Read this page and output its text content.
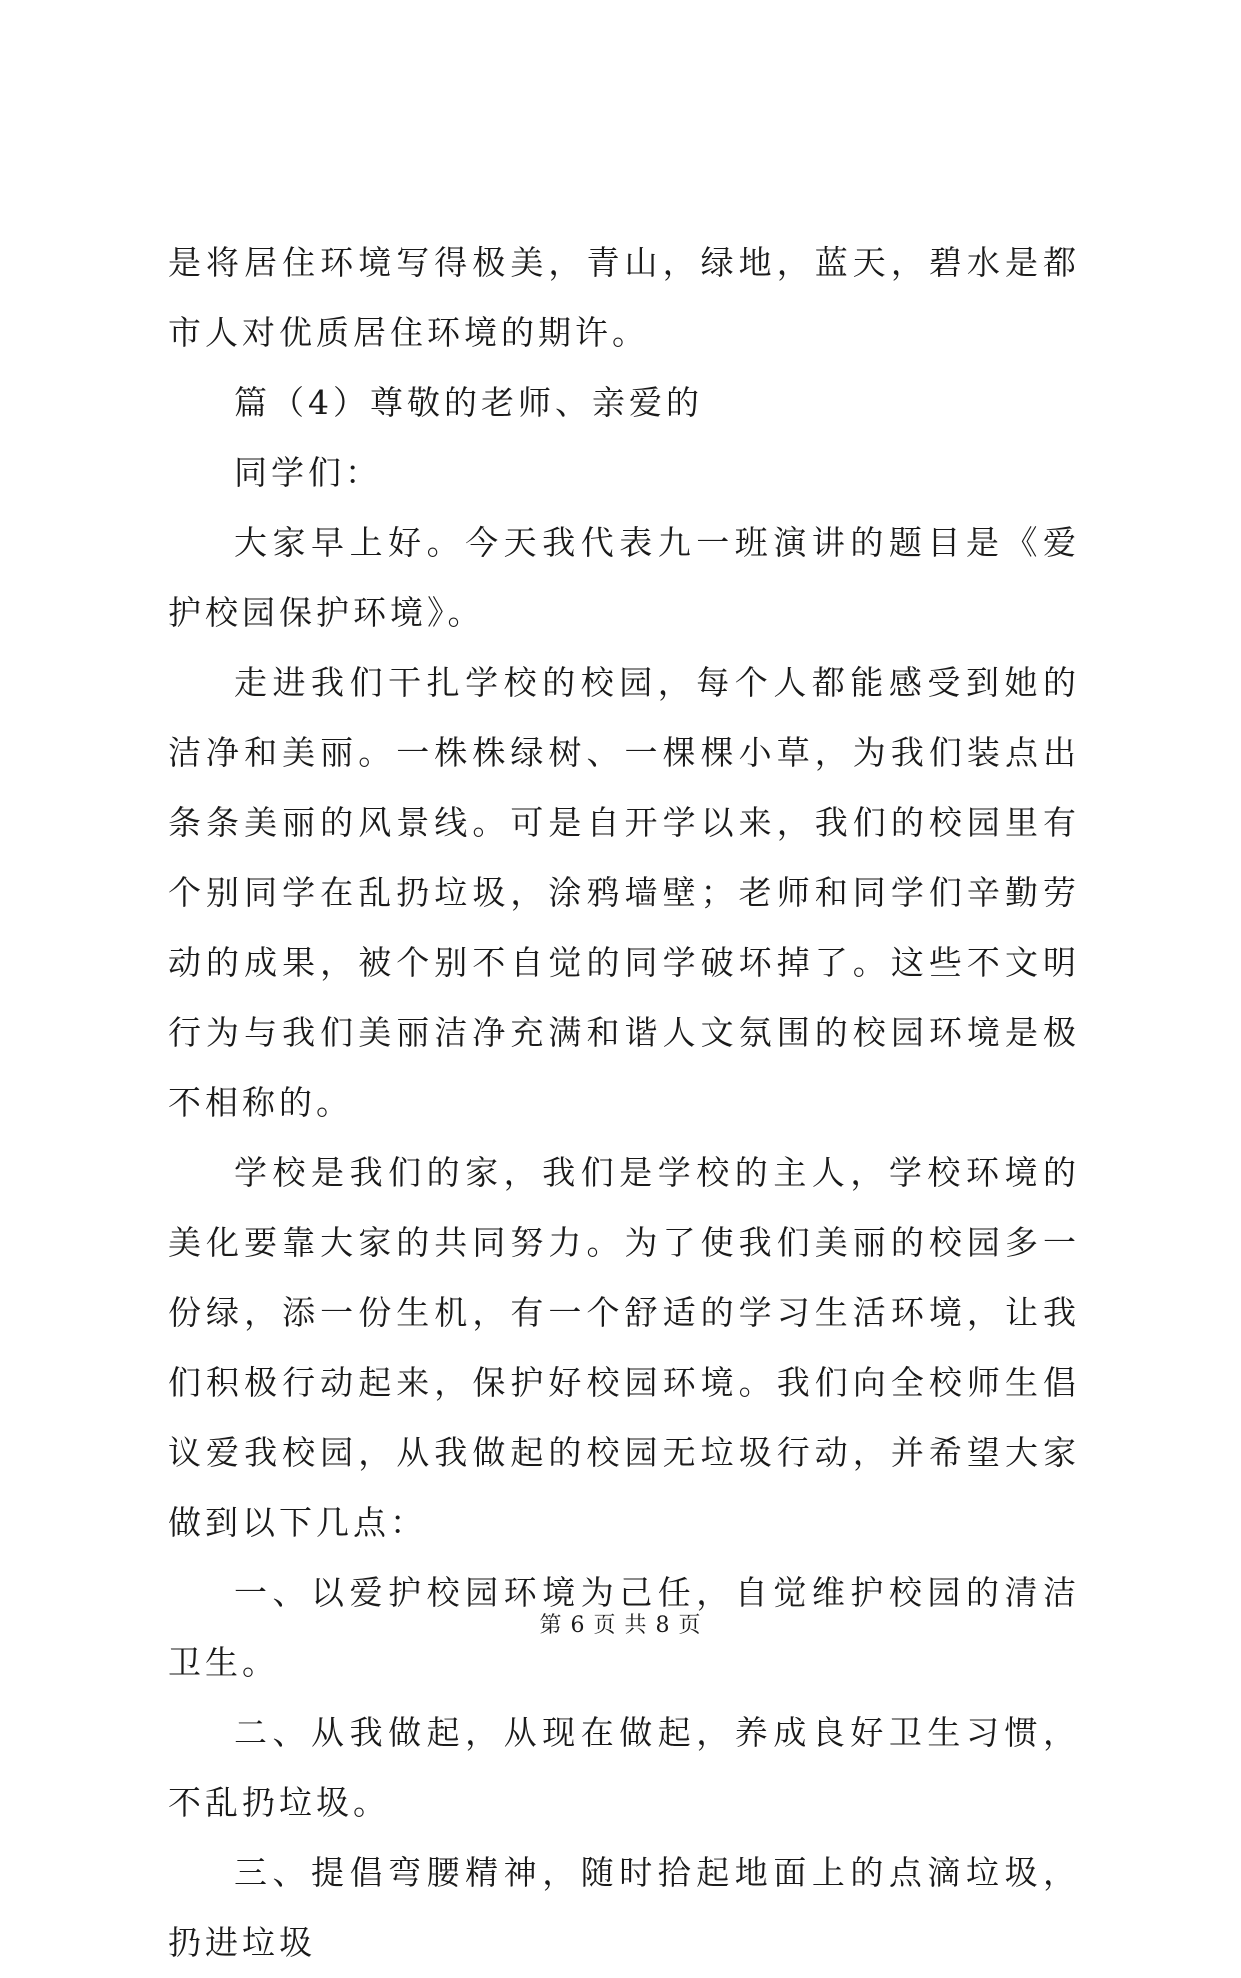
是将居住环境写得极美，青山，绿地，蓝天，碧水是都市人对优质居住环境的期许。

篇（4）尊敬的老师、亲爱的

同学们：

大家早上好。今天我代表九一班演讲的题目是《爱护校园保护环境》。

走进我们干扎学校的校园，每个人都能感受到她的洁净和美丽。一株株绿树、一棵棵小草，为我们装点出条条美丽的风景线。可是自开学以来，我们的校园里有个别同学在乱扔垃圾，涂鸦墙壁；老师和同学们辛勤劳动的成果，被个别不自觉的同学破坏掉了。这些不文明行为与我们美丽洁净充满和谐人文氛围的校园环境是极不相称的。

学校是我们的家，我们是学校的主人，学校环境的美化要靠大家的共同努力。为了使我们美丽的校园多一份绿，添一份生机，有一个舒适的学习生活环境，让我们积极行动起来，保护好校园环境。我们向全校师生倡议爱我校园，从我做起的校园无垃圾行动，并希望大家做到以下几点：

一、以爱护校园环境为己任，自觉维护校园的清洁卫生。

二、从我做起，从现在做起，养成良好卫生习惯，不乱扔垃圾。

三、提倡弯腰精神，随时拾起地面上的点滴垃圾，扔进垃圾

第 6 页 共 8 页
